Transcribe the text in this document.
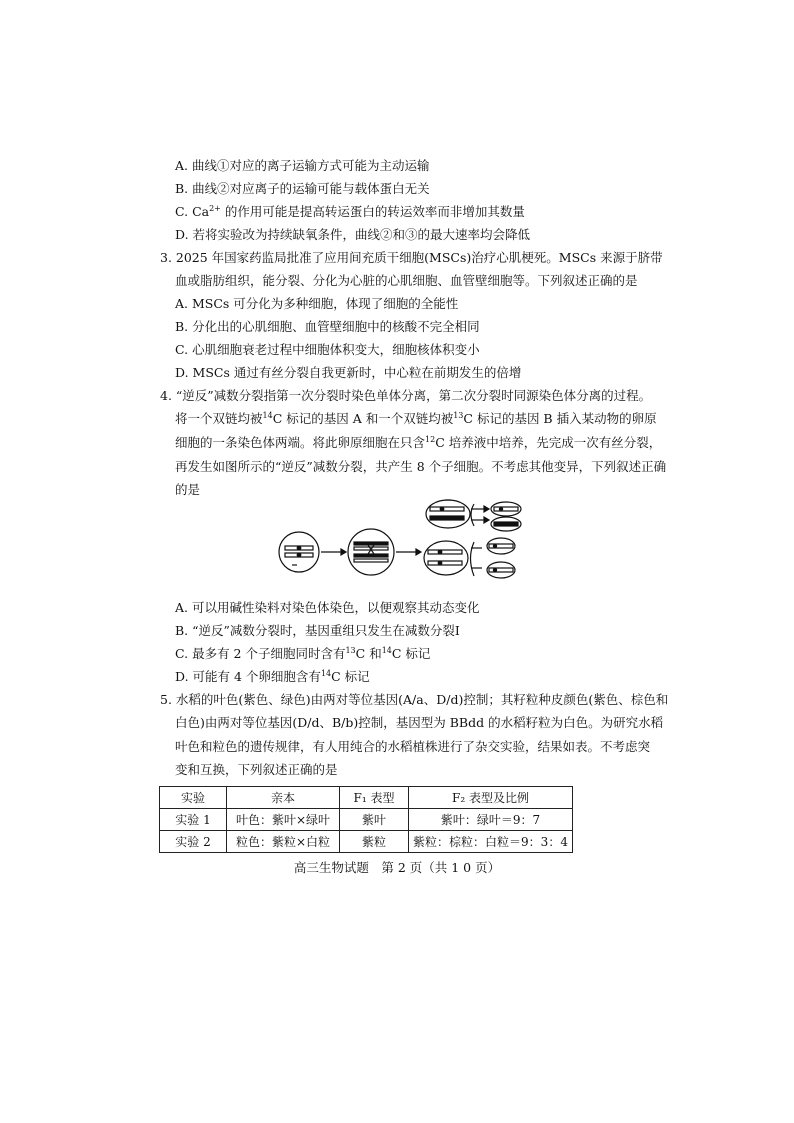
A. 曲线①对应的离子运输方式可能为主动运输
B. 曲线②对应离子的运输可能与载体蛋白无关
C. $Ca^{2+}$ 的作用可能是提高转运蛋白的转运效率而非增加其数量
D. 若将实验改为持续缺氧条件，曲线②和③的最大速率均会降低
3. 2025 年国家药监局批准了应用间充质干细胞(MSCs)治疗心肌梗死。MSCs 来源于脐带
血或脂肪组织，能分裂、分化为心脏的心肌细胞、血管壁细胞等。下列叙述正确的是
A. MSCs 可分化为多种细胞，体现了细胞的全能性
B. 分化出的心肌细胞、血管壁细胞中的核酸不完全相同
C. 心肌细胞衰老过程中细胞体积变大，细胞核体积变小
D. MSCs 通过有丝分裂自我更新时，中心粒在前期发生的倍增
4. “逆反”减数分裂指第一次分裂时染色单体分离，第二次分裂时同源染色体分离的过程。
将一个双链均被$^{14}$C 标记的基因 A 和一个双链均被$^{13}$C 标记的基因 B 插入某动物的卵原
细胞的一条染色体两端。将此卵原细胞在只含$^{12}$C 培养液中培养，先完成一次有丝分裂，
再发生如图所示的“逆反”减数分裂，共产生 8 个子细胞。不考虑其他变异，下列叙述正确
的是
A. 可以用碱性染料对染色体染色，以便观察其动态变化
B. “逆反”减数分裂时，基因重组只发生在减数分裂Ⅰ
C. 最多有 2 个子细胞同时含有$^{13}$C 和$^{14}$C 标记
D. 可能有 4 个卵细胞含有$^{14}$C 标记
5. 水稻的叶色(紫色、绿色)由两对等位基因(A/a、D/d)控制；其籽粒种皮颜色(紫色、棕色和
白色)由两对等位基因(D/d、B/b)控制，基因型为 BBdd 的水稻籽粒为白色。为研究水稻
叶色和粒色的遗传规律，有人用纯合的水稻植株进行了杂交实验，结果如表。不考虑突
变和互换，下列叙述正确的是
实验	亲本	F₁ 表型	F₂ 表型及比例
实验 1	叶色：紫叶×绿叶	紫叶	紫叶：绿叶＝9：7
实验 2	粒色：紫粒×白粒	紫粒	紫粒：棕粒：白粒＝9：3：4
高三生物试题　第 2 页（共 1 0 页）
